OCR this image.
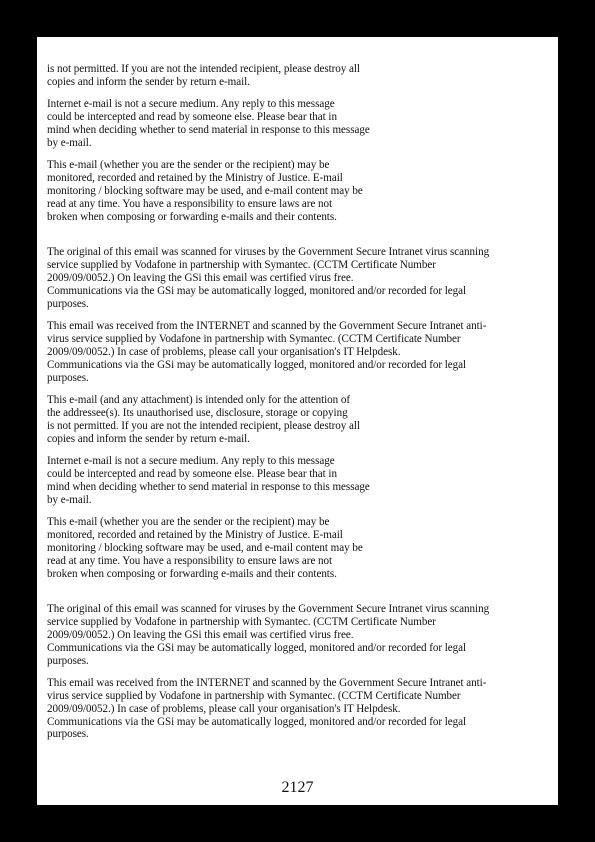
is not permitted. If you are not the intended recipient, please destroy all
copies and inform the sender by return e-mail.

Internet e-mail is not a secure medium. Any reply to this message
could be intercepted and read by someone else. Please bear that in
mind when deciding whether to send material in response to this message
by e-mail.

This e-mail (whether you are the sender or the recipient) may be
monitored, recorded and retained by the Ministry of Justice. E-mail
monitoring / blocking software may be used, and e-mail content may be
read at any time. You have a responsibility to ensure laws are not
broken when composing or forwarding e-mails and their contents.

The original of this email was scanned for viruses by the Government Secure Intranet virus scanning
service supplied by Vodafone in partnership with Symantec. (CCTM Certificate Number
2009/09/0052.) On leaving the GSi this email was certified virus free.
Communications via the GSi may be automatically logged, monitored and/or recorded for legal
purposes.

This email was received from the INTERNET and scanned by the Government Secure Intranet anti-
virus service supplied by Vodafone in partnership with Symantec. (CCTM Certificate Number
2009/09/0052.) In case of problems, please call your organisation's IT Helpdesk.
Communications via the GSi may be automatically logged, monitored and/or recorded for legal
purposes.

This e-mail (and any attachment) is intended only for the attention of
the addressee(s). Its unauthorised use, disclosure, storage or copying
is not permitted. If you are not the intended recipient, please destroy all
copies and inform the sender by return e-mail.

Internet e-mail is not a secure medium. Any reply to this message
could be intercepted and read by someone else. Please bear that in
mind when deciding whether to send material in response to this message
by e-mail.

This e-mail (whether you are the sender or the recipient) may be
monitored, recorded and retained by the Ministry of Justice. E-mail
monitoring / blocking software may be used, and e-mail content may be
read at any time. You have a responsibility to ensure laws are not
broken when composing or forwarding e-mails and their contents.

The original of this email was scanned for viruses by the Government Secure Intranet virus scanning
service supplied by Vodafone in partnership with Symantec. (CCTM Certificate Number
2009/09/0052.) On leaving the GSi this email was certified virus free.
Communications via the GSi may be automatically logged, monitored and/or recorded for legal
purposes.

This email was received from the INTERNET and scanned by the Government Secure Intranet anti-
virus service supplied by Vodafone in partnership with Symantec. (CCTM Certificate Number
2009/09/0052.) In case of problems, please call your organisation's IT Helpdesk.
Communications via the GSi may be automatically logged, monitored and/or recorded for legal
purposes.

2127
